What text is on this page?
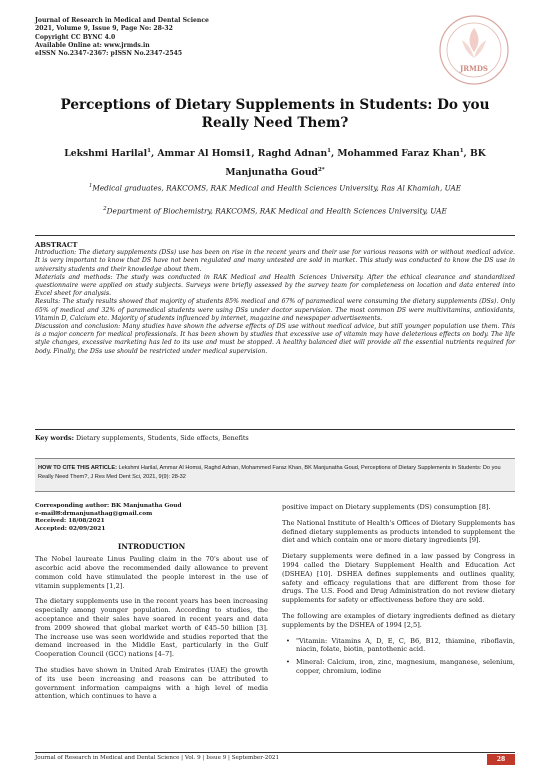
Journal of Research in Medical and Dental Science
2021, Volume 9, Issue 9, Page No: 28-32
Copyright CC BYNC 4.0
Available Online at: www.jrmds.in
eISSN No.2347-2367: pISSN No.2347-2545
JRMDS
Perceptions of Dietary Supplements in Students: Do you Really Need Them?
Lekshmi Harilal$^1$, Ammar Al Homsi1, Raghd Adnan$^1$, Mohammed Faraz Khan$^1$, BK Manjunatha Goud$^{2*}$
$^1$Medical graduates, RAKCOMS, RAK Medical and Health Sciences University, Ras Al Khamiah, UAE
$^2$Department of Biochemistry, RAKCOMS, RAK Medical and Health Sciences University, UAE
ABSTRACT
Introduction: The dietary supplements (DSs) use has been on rise in the recent years and their use for various reasons with or without medical advice. It is very important to know that DS have not been regulated and many untested are sold in market. This study was conducted to know the DS use in university students and their knowledge about them.
Materials and methods: The study was conducted in RAK Medical and Health Sciences University. After the ethical clearance and standardized questionnaire were applied on study subjects. Surveys were briefly assessed by the survey team for completeness on location and data entered into Excel sheet for analysis.
Results: The study results showed that majority of students 85% medical and 67% of paramedical were consuming the dietary supplements (DSs). Only 65% of medical and 32% of paramedical students were using DSs under doctor supervision. The most common DS were multivitamins, antioxidants, Vitamin D, Calcium etc. Majority of students influenced by internet, magazine and newspaper advertisements.
Discussion and conclusion: Many studies have shown the adverse effects of DS use without medical advice, but still younger population use them. This is a major concern for medical professionals. It has been shown by studies that excessive use of vitamin may have deleterious effects on body. The life style changes, excessive marketing has led to its use and must be stopped. A healthy balanced diet will provide all the essential nutrients required for body. Finally, the DSs use should be restricted under medical supervision.
Key words: Dietary supplements, Students, Side effects, Benefits
HOW TO CITE THIS ARTICLE: Lekshmi Harilal, Ammar Al Homsi, Raghd Adnan, Mohammed Faraz Khan, BK Manjunatha Goud, Perceptions of Dietary Supplements in Students: Do you Really Need Them?, J Res Med Dent Sci, 2021, 9(9): 28-32
Corresponding author: BK Manjunatha Goud
e-mail✉:drmanjunathag@gmail.com
Received: 18/08/2021
Accepted: 02/09/2021
INTRODUCTION
The Nobel laureate Linus Pauling claim in the 70's about use of ascorbic acid above the recommended daily allowance to prevent common cold have stimulated the people interest in the use of vitamin supplements [1,2].
The dietary supplements use in the recent years has been increasing especially among younger population. According to studies, the acceptance and their sales have soared in recent years and data from 2009 showed that global market worth of €45–50 billion [3]. The increase use was seen worldwide and studies reported that the demand increased in the Middle East, particularly in the Gulf Cooperation Council (GCC) nations [4–7].
The studies have shown in United Arab Emirates (UAE) the growth of its use been increasing and reasons can be attributed to government information campaigns with a high level of media attention, which continues to have a
positive impact on Dietary supplements (DS) consumption [8].
The National Institute of Health's Offices of Dietary Supplements has defined dietary supplements as products intended to supplement the diet and which contain one or more dietary ingredients [9].
Dietary supplements were defined in a law passed by Congress in 1994 called the Dietary Supplement Health and Education Act (DSHEA) [10]. DSHEA defines supplements and outlines quality, safety and efficacy regulations that are different from those for drugs. The U.S. Food and Drug Administration do not review dietary supplements for safety or effectiveness before they are sold.
The following are examples of dietary ingredients defined as dietary supplements by the DSHEA of 1994 [2,5].
• "Vitamin: Vitamins A, D, E, C, B6, B12, thiamine, riboflavin, niacin, folate, biotin, pantothenic acid.
• Mineral: Calcium, iron, zinc, magnesium, manganese, selenium, copper, chromium, iodine
Journal of Research in Medical and Dental Science | Vol. 9 | Issue 9 | September-2021	28
